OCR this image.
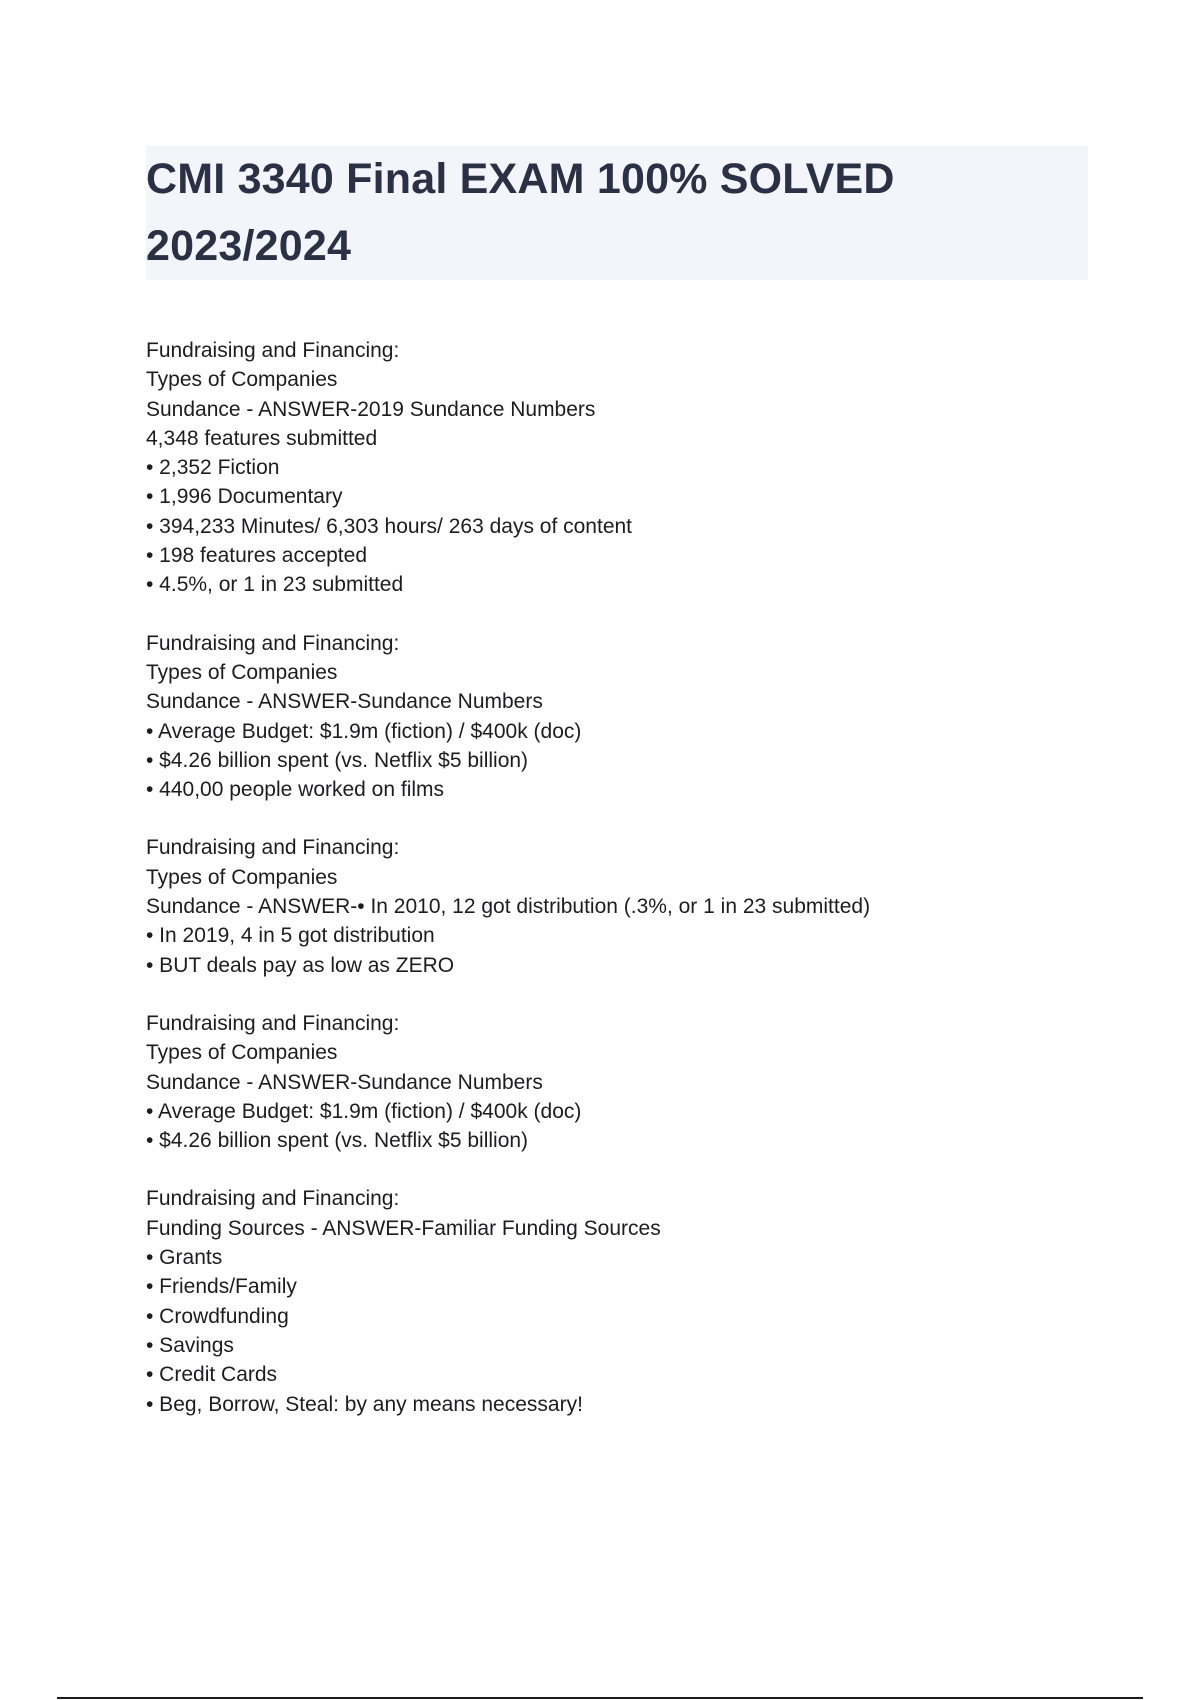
CMI 3340 Final EXAM 100% SOLVED 2023/2024
Fundraising and Financing:
Types of Companies
Sundance - ANSWER-2019 Sundance Numbers
4,348 features submitted
• 2,352 Fiction
• 1,996 Documentary
• 394,233 Minutes/ 6,303 hours/ 263 days of content
• 198 features accepted
• 4.5%, or 1 in 23 submitted
Fundraising and Financing:
Types of Companies
Sundance - ANSWER-Sundance Numbers
• Average Budget: $1.9m (fiction) / $400k (doc)
• $4.26 billion spent (vs. Netflix $5 billion)
• 440,00 people worked on films
Fundraising and Financing:
Types of Companies
Sundance - ANSWER-• In 2010, 12 got distribution (.3%, or 1 in 23 submitted)
• In 2019, 4 in 5 got distribution
• BUT deals pay as low as ZERO
Fundraising and Financing:
Types of Companies
Sundance - ANSWER-Sundance Numbers
• Average Budget: $1.9m (fiction) / $400k (doc)
• $4.26 billion spent (vs. Netflix $5 billion)
Fundraising and Financing:
Funding Sources - ANSWER-Familiar Funding Sources
• Grants
• Friends/Family
• Crowdfunding
• Savings
• Credit Cards
• Beg, Borrow, Steal: by any means necessary!
